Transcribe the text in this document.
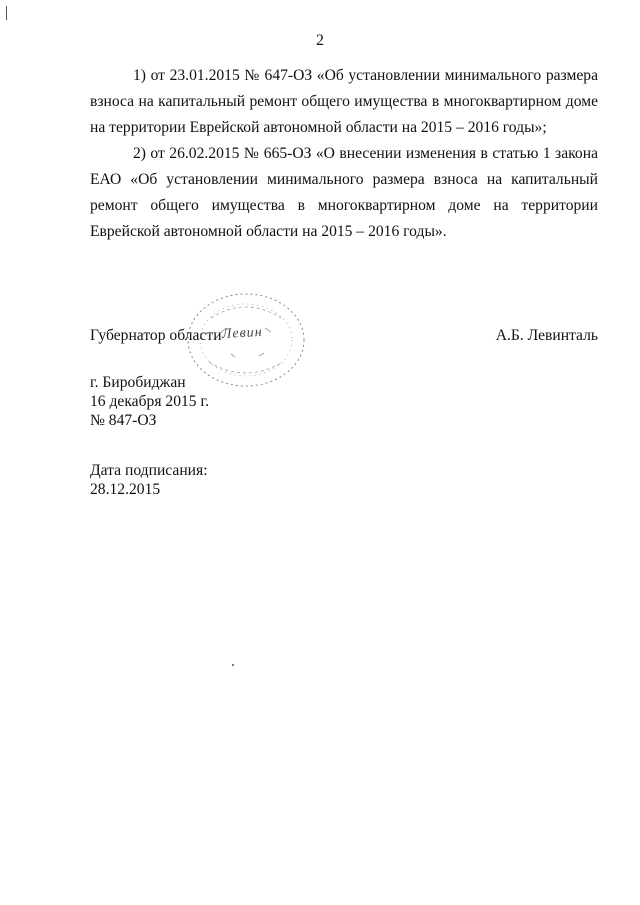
2

1) от 23.01.2015 № 647-ОЗ «Об установлении минимального размера взноса на капитальный ремонт общего имущества в многоквартирном доме на территории Еврейской автономной области на 2015 – 2016 годы»;

2) от 26.02.2015 № 665-ОЗ «О внесении изменения в статью 1 закона ЕАО «Об установлении минимального размера взноса на капитальный ремонт общего имущества в многоквартирном доме на территории Еврейской автономной области на 2015 – 2016 годы».

Губернатор области Левин	А.Б. Левинталь
г. Биробиджан
16 декабря 2015 г.
№ 847-ОЗ
Дата подписания:
28.12.2015
